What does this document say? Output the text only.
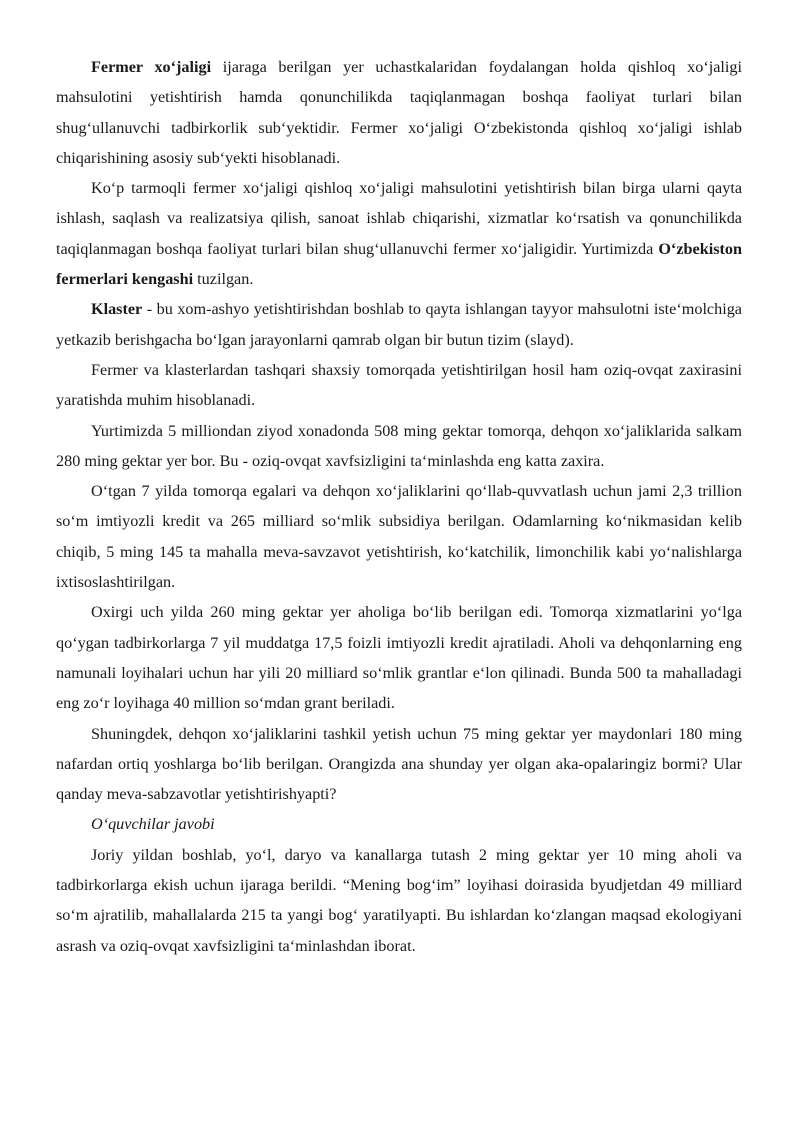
Fermer xo‘jaligi ijaraga berilgan yer uchastkalaridan foydalangan holda qishloq xo‘jaligi mahsulotini yetishtirish hamda qonunchilikda taqiqlanmagan boshqa faoliyat turlari bilan shug‘ullanuvchi tadbirkorlik sub‘yektidir. Fermer xo‘jaligi O‘zbekistonda qishloq xo‘jaligi ishlab chiqarishining asosiy sub‘yekti hisoblanadi.

Ko‘p tarmoqli fermer xo‘jaligi qishloq xo‘jaligi mahsulotini yetishtirish bilan birga ularni qayta ishlash, saqlash va realizatsiya qilish, sanoat ishlab chiqarishi, xizmatlar ko‘rsatish va qonunchilikda taqiqlanmagan boshqa faoliyat turlari bilan shug‘ullanuvchi fermer xo‘jaligidir. Yurtimizda O‘zbekiston fermerlari kengashi tuzilgan.

Klaster - bu xom-ashyo yetishtirishdan boshlab to qayta ishlangan tayyor mahsulotni iste‘molchiga yetkazib berishgacha bo‘lgan jarayonlarni qamrab olgan bir butun tizim (slayd).

Fermer va klasterlardan tashqari shaxsiy tomorqada yetishtirilgan hosil ham oziq-ovqat zaxirasini yaratishda muhim hisoblanadi.

Yurtimizda 5 milliondan ziyod xonadonda 508 ming gektar tomorqa, dehqon xo‘jaliklarida salkam 280 ming gektar yer bor. Bu - oziq-ovqat xavfsizligini ta‘minlashda eng katta zaxira.

O‘tgan 7 yilda tomorqa egalari va dehqon xo‘jaliklarini qo‘llab-quvvatlash uchun jami 2,3 trillion so‘m imtiyozli kredit va 265 milliard so‘mlik subsidiya berilgan. Odamlarning ko‘nikmasidan kelib chiqib, 5 ming 145 ta mahalla meva-savzavot yetishtirish, ko‘katchilik, limonchilik kabi yo‘nalishlarga ixtisoslashtirilgan.

Oxirgi uch yilda 260 ming gektar yer aholiga bo‘lib berilgan edi. Tomorqa xizmatlarini yo‘lga qo‘ygan tadbirkorlarga 7 yil muddatga 17,5 foizli imtiyozli kredit ajratiladi. Aholi va dehqonlarning eng namunali loyihalari uchun har yili 20 milliard so‘mlik grantlar e‘lon qilinadi. Bunda 500 ta mahalladagi eng zo‘r loyihaga 40 million so‘mdan grant beriladi.

Shuningdek, dehqon xo‘jaliklarini tashkil yetish uchun 75 ming gektar yer maydonlari 180 ming nafardan ortiq yoshlarga bo‘lib berilgan. Orangizda ana shunday yer olgan aka-opalaringiz bormi? Ular qanday meva-sabzavotlar yetishtirishyapti?

O‘quvchilar javobi

Joriy yildan boshlab, yo‘l, daryo va kanallarga tutash 2 ming gektar yer 10 ming aholi va tadbirkorlarga ekish uchun ijaraga berildi. “Mening bog‘im” loyihasi doirasida byudjetdan 49 milliard so‘m ajratilib, mahallalarda 215 ta yangi bog‘ yaratilyapti. Bu ishlardan ko‘zlangan maqsad ekologiyani asrash va oziq-ovqat xavfsizligini ta‘minlashdan iborat.
